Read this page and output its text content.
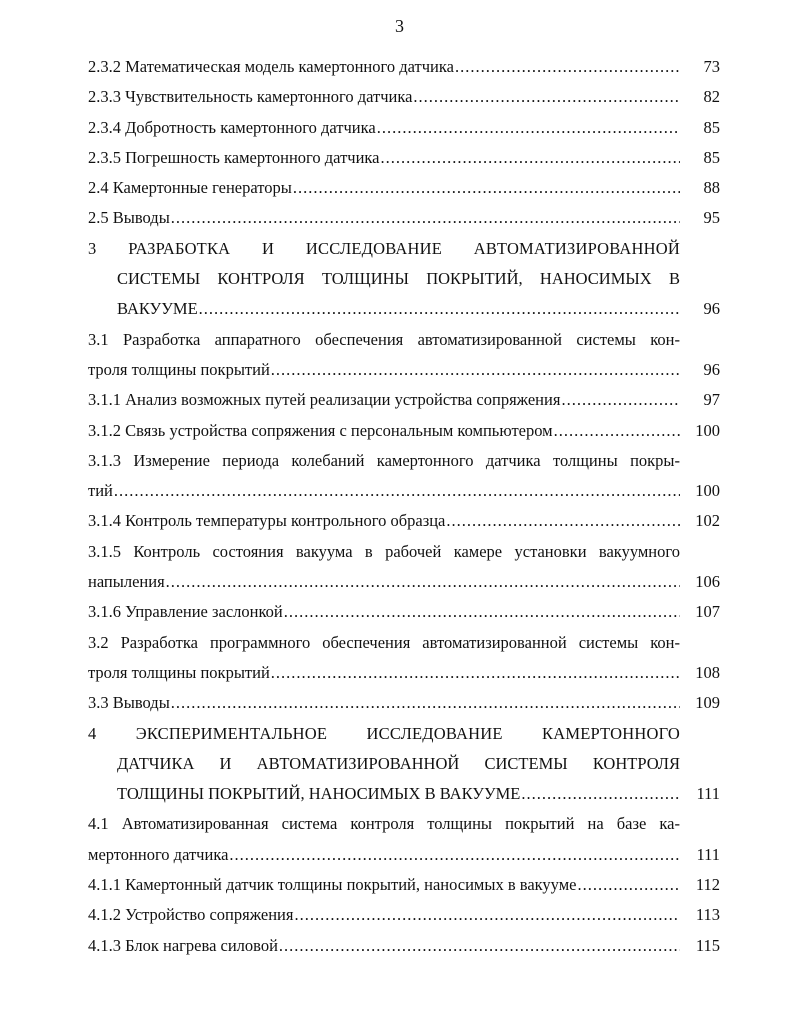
3
2.3.2 Математическая модель камертонного датчика .....	73
2.3.3 Чувствительность камертонного датчика .....	82
2.3.4 Добротность камертонного датчика .....	85
2.3.5 Погрешность камертонного датчика .....	85
2.4 Камертонные генераторы .....	88
2.5 Выводы .....	95
3 РАЗРАБОТКА И ИССЛЕДОВАНИЕ АВТОМАТИЗИРОВАННОЙ
СИСТЕМЫ КОНТРОЛЯ ТОЛЩИНЫ ПОКРЫТИЙ, НАНОСИМЫХ В
ВАКУУМЕ .....	96
3.1 Разработка аппаратного обеспечения автоматизированной системы кон-
троля толщины покрытий .....	96
3.1.1 Анализ возможных путей реализации устройства сопряжения .....	97
3.1.2 Связь устройства сопряжения с персональным компьютером .....	100
3.1.3 Измерение периода колебаний камертонного датчика толщины покры-
тий .....	100
3.1.4 Контроль температуры контрольного образца .....	102
3.1.5 Контроль состояния вакуума в рабочей камере установки вакуумного
напыления .....	106
3.1.6 Управление заслонкой .....	107
3.2 Разработка программного обеспечения автоматизированной системы кон-
троля толщины покрытий .....	108
3.3 Выводы .....	109
4 ЭКСПЕРИМЕНТАЛЬНОЕ ИССЛЕДОВАНИЕ КАМЕРТОННОГО
ДАТЧИКА И АВТОМАТИЗИРОВАННОЙ СИСТЕМЫ КОНТРОЛЯ
ТОЛЩИНЫ ПОКРЫТИЙ, НАНОСИМЫХ В ВАКУУМЕ .....	111
4.1 Автоматизированная система контроля толщины покрытий на базе ка-
мертонного датчика .....	111
4.1.1 Камертонный датчик толщины покрытий, наносимых в вакууме .....	112
4.1.2 Устройство сопряжения .....	113
4.1.3 Блок нагрева силовой .....	115
